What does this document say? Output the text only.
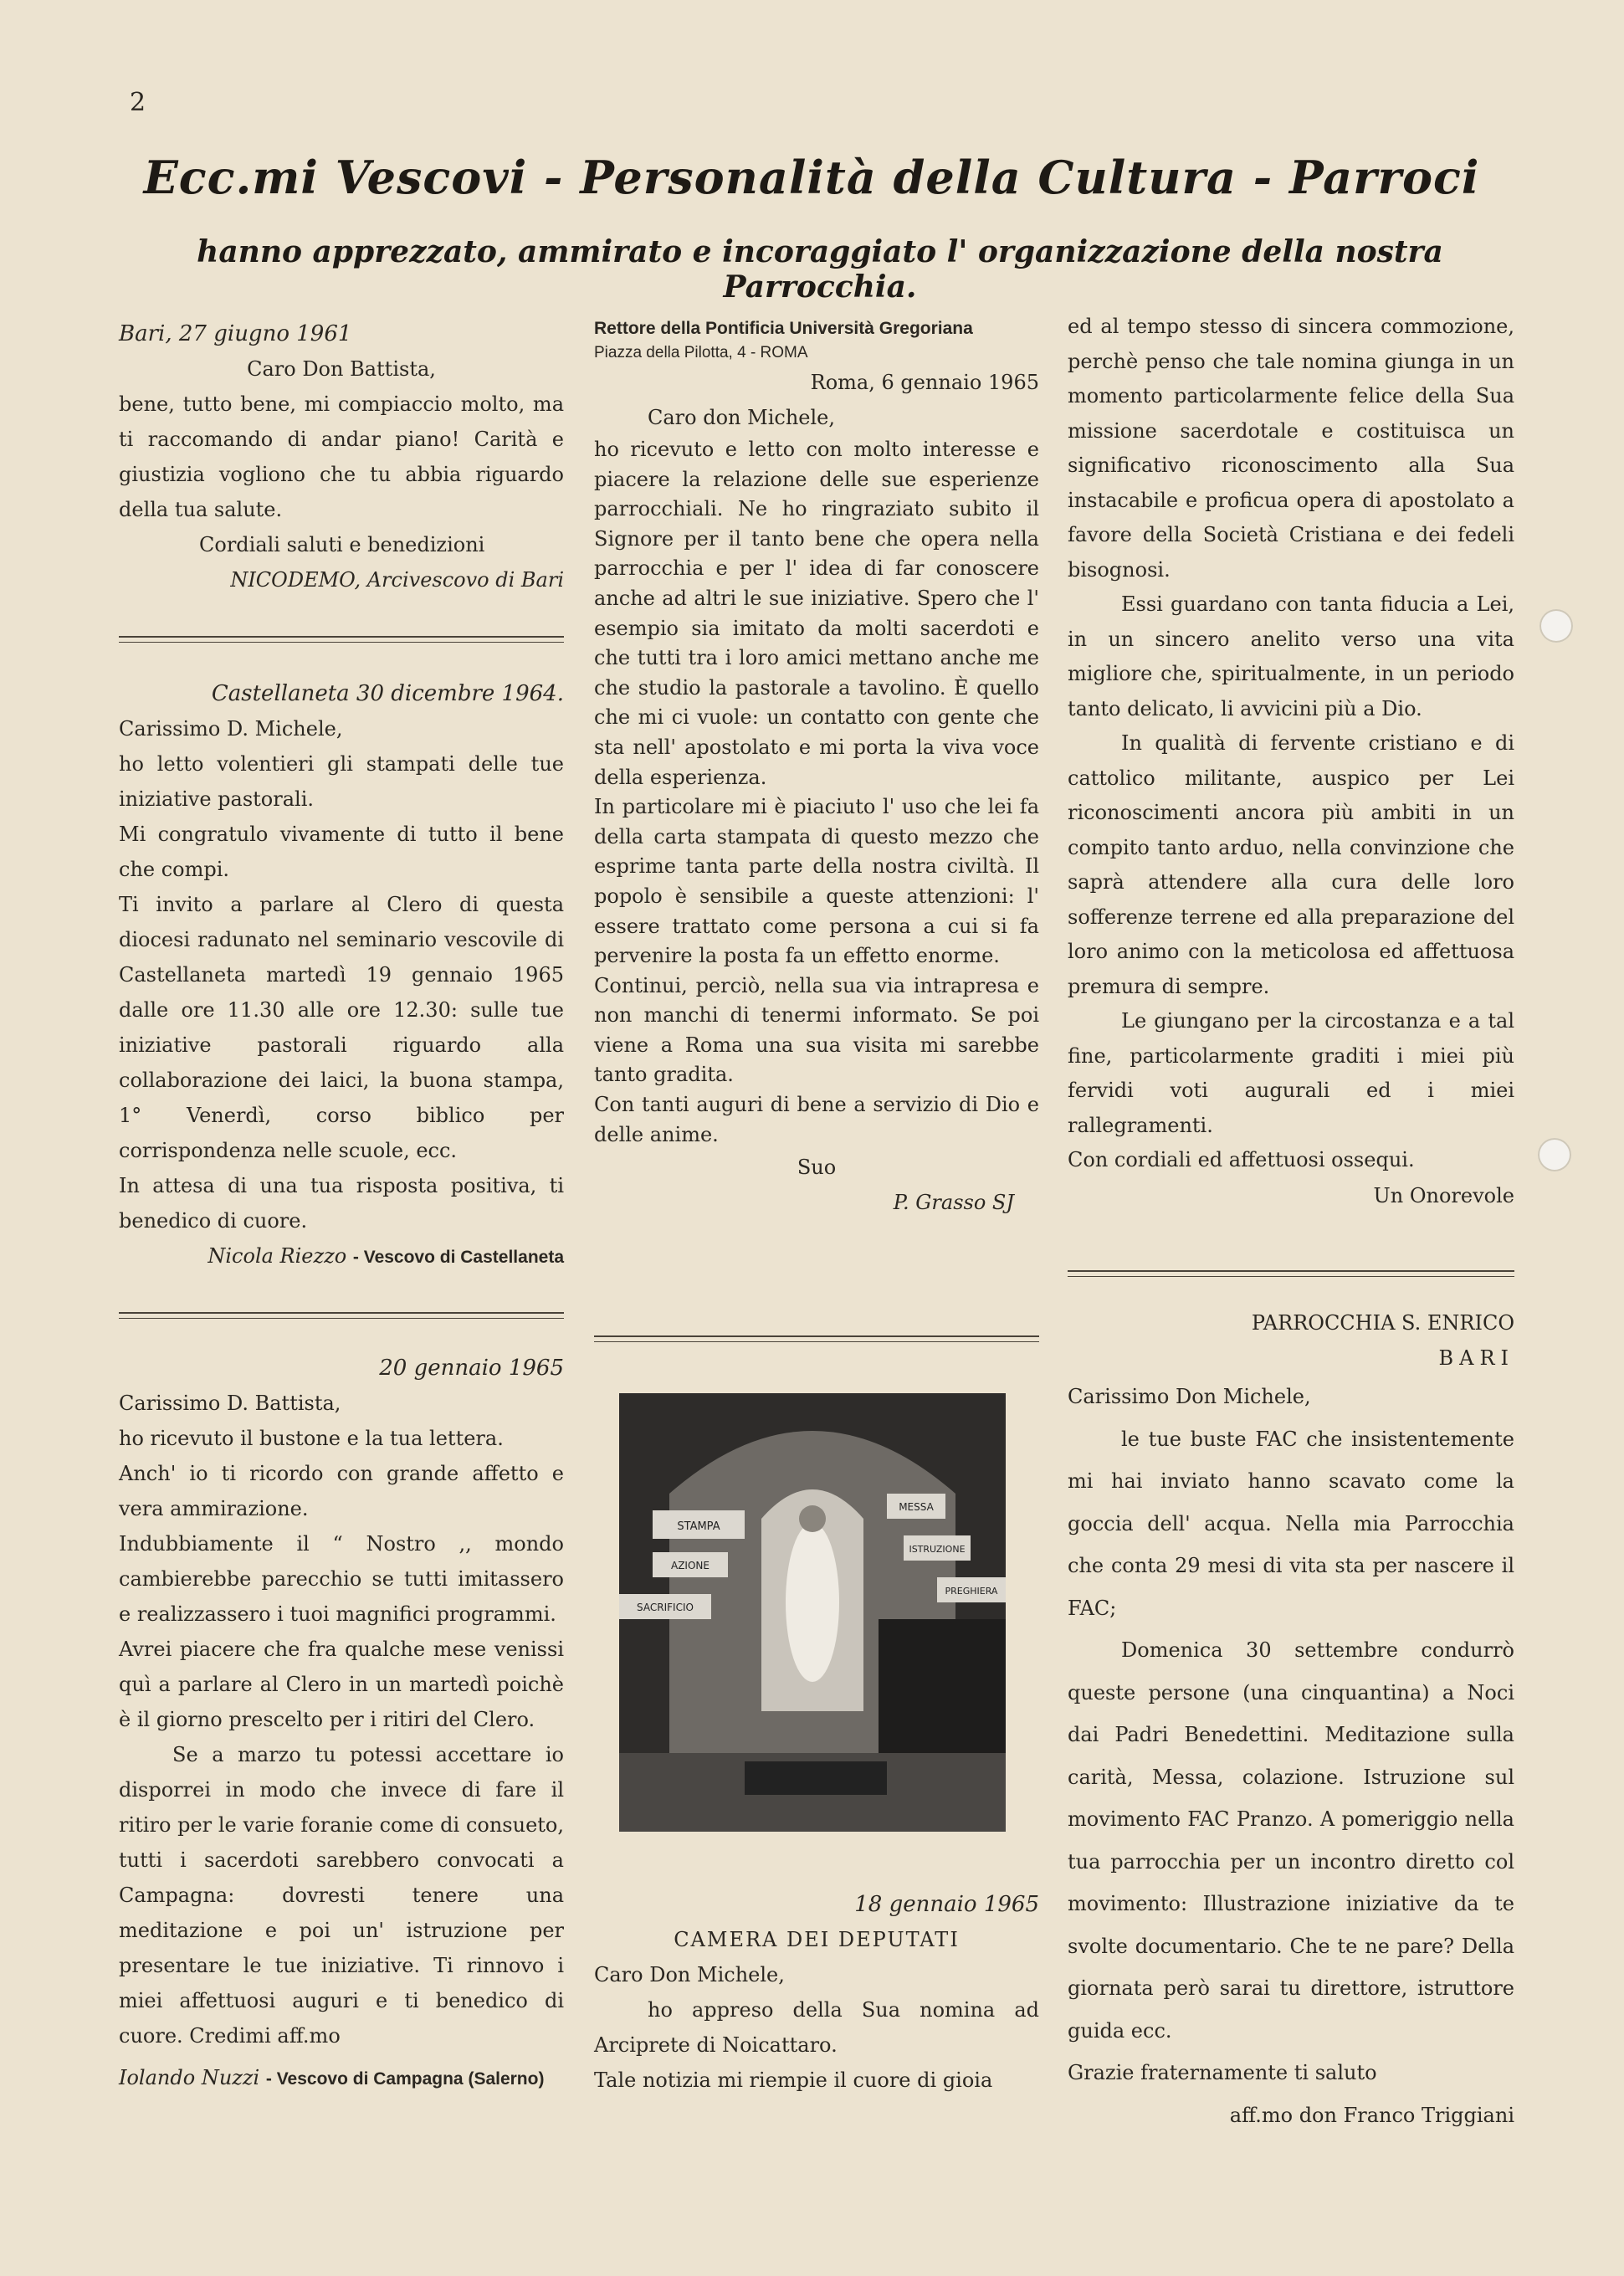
2
Ecc.mi Vescovi - Personalità della Cultura - Parroci
hanno apprezzato, ammirato e incoraggiato l' organizzazione della nostra Parrocchia.

Bari, 27 giugno 1961

Caro Don Battista,

bene, tutto bene, mi compiaccio molto, ma ti raccomando di andar piano! Carità e giustizia vogliono che tu abbia riguardo della tua salute.

Cordiali saluti e benedizioni

NICODEMO, Arcivescovo di Bari

Castellaneta 30 dicembre 1964.

Carissimo D. Michele,

ho letto volentieri gli stampati delle tue iniziative pastorali.

Mi congratulo vivamente di tutto il bene che compi.

Ti invito a parlare al Clero di questa diocesi radunato nel seminario vescovile di Castellaneta martedì 19 gennaio 1965 dalle ore 11.30 alle ore 12.30: sulle tue iniziative pastorali riguardo alla collaborazione dei laici, la buona stampa, 1° Venerdì, corso biblico per corrispondenza nelle scuole, ecc.

In attesa di una tua risposta positiva, ti benedico di cuore.

Nicola Riezzo - Vescovo di Castellaneta

20 gennaio 1965

Carissimo D. Battista,

ho ricevuto il bustone e la tua lettera.

Anch' io ti ricordo con grande affetto e vera ammirazione.

Indubbiamente il “ Nostro ,, mondo cambierebbe parecchio se tutti imitassero e realizzassero i tuoi magnifici programmi.

Avrei piacere che fra qualche mese venissi quì a parlare al Clero in un martedì poichè è il giorno prescelto per i ritiri del Clero.

Se a marzo tu potessi accettare io disporrei in modo che invece di fare il ritiro per le varie foranie come di consueto, tutti i sacerdoti sarebbero convocati a Campagna: dovresti tenere una meditazione e poi un' istruzione per presentare le tue iniziative. Ti rinnovo i miei affettuosi auguri e ti benedico di cuore. Credimi aff.mo

Iolando Nuzzi - Vescovo di Campagna (Salerno)

Rettore della Pontificia Università Gregoriana

Piazza della Pilotta, 4 - ROMA

Roma, 6 gennaio 1965

Caro don Michele,

ho ricevuto e letto con molto interesse e piacere la relazione delle sue esperienze parrocchiali. Ne ho ringraziato subito il Signore per il tanto bene che opera nella parrocchia e per l' idea di far conoscere anche ad altri le sue iniziative. Spero che l' esempio sia imitato da molti sacerdoti e che tutti tra i loro amici mettano anche me che studio la pastorale a tavolino. È quello che mi ci vuole: un contatto con gente che sta nell' apostolato e mi porta la viva voce della esperienza.

In particolare mi è piaciuto l' uso che lei fa della carta stampata di questo mezzo che esprime tanta parte della nostra civiltà. Il popolo è sensibile a queste attenzioni: l' essere trattato come persona a cui si fa pervenire la posta fa un effetto enorme.

Continui, perciò, nella sua via intrapresa e non manchi di tenermi informato. Se poi viene a Roma una sua visita mi sarebbe tanto gradita.

Con tanti auguri di bene a servizio di Dio e delle anime.

Suo

P. Grasso SJ

STAMPA
AZIONE
SACRIFICIO
MESSA
ISTRUZIONE
PREGHIERA

18 gennaio 1965

CAMERA DEI DEPUTATI

Caro Don Michele,

ho appreso della Sua nomina ad Arciprete di Noicattaro.

Tale notizia mi riempie il cuore di gioia

ed al tempo stesso di sincera commozione, perchè penso che tale nomina giunga in un momento particolarmente felice della Sua missione sacerdotale e costituisca un significativo riconoscimento alla Sua instacabile e proficua opera di apostolato a favore della Società Cristiana e dei fedeli bisognosi.

Essi guardano con tanta fiducia a Lei, in un sincero anelito verso una vita migliore che, spiritualmente, in un periodo tanto delicato, li avvicini più a Dio.

In qualità di fervente cristiano e di cattolico militante, auspico per Lei riconoscimenti ancora più ambiti in un compito tanto arduo, nella convinzione che saprà attendere alla cura delle loro sofferenze terrene ed alla preparazione del loro animo con la meticolosa ed affettuosa premura di sempre.

Le giungano per la circostanza e a tal fine, particolarmente graditi i miei più fervidi voti augurali ed i miei rallegramenti.

Con cordiali ed affettuosi ossequi.

Un Onorevole

PARROCCHIA S. ENRICO

BARI

Carissimo Don Michele,

le tue buste FAC che insistentemente mi hai inviato hanno scavato come la goccia dell' acqua. Nella mia Parrocchia che conta 29 mesi di vita sta per nascere il FAC;

Domenica 30 settembre condurrò queste persone (una cinquantina) a Noci dai Padri Benedettini. Meditazione sulla carità, Messa, colazione. Istruzione sul movimento FAC Pranzo. A pomeriggio nella tua parrocchia per un incontro diretto col movimento: Illustrazione iniziative da te svolte documentario. Che te ne pare? Della giornata però sarai tu direttore, istruttore guida ecc.

Grazie fraternamente ti saluto

aff.mo don Franco Triggiani
